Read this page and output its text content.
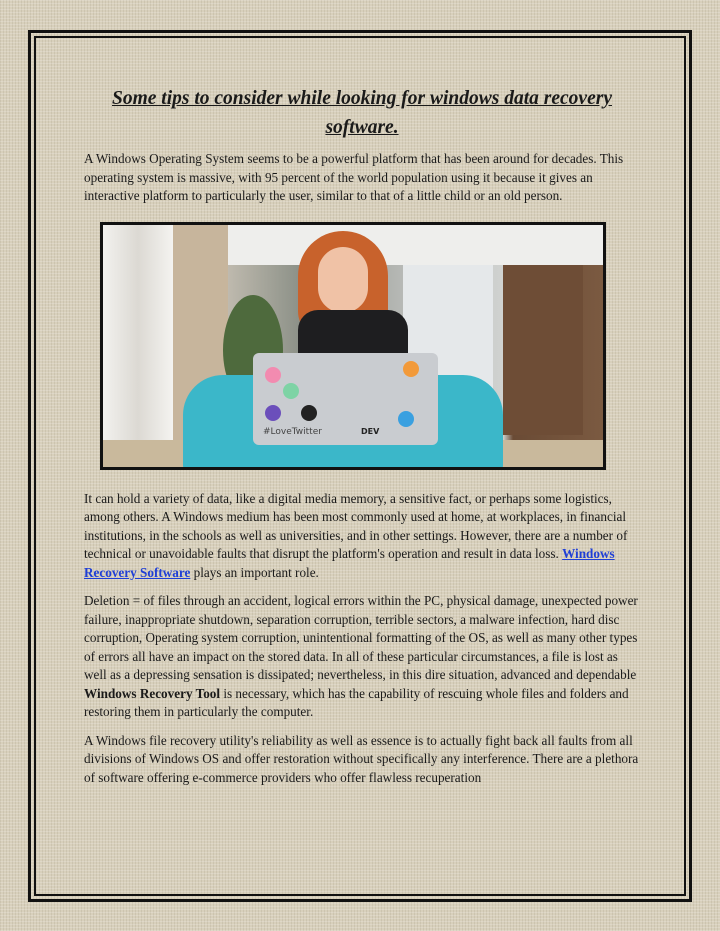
Some tips to consider while looking for windows data recovery software.

A Windows Operating System seems to be a powerful platform that has been around for decades. This operating system is massive, with 95 percent of the world population using it because it gives an interactive platform to particularly the user, similar to that of a little child or an old person.

#LoveTwitter	DEV

It can hold a variety of data, like a digital media memory, a sensitive fact, or perhaps some logistics, among others. A Windows medium has been most commonly used at home, at workplaces, in financial institutions, in the schools as well as universities, and in other settings. However, there are a number of technical or unavoidable faults that disrupt the platform's operation and result in data loss. Windows Recovery Software plays an important role.

Deletion = of files through an accident, logical errors within the PC, physical damage, unexpected power failure, inappropriate shutdown, separation corruption, terrible sectors, a malware infection, hard disc corruption, Operating system corruption, unintentional formatting of the OS, as well as many other types of errors all have an impact on the stored data. In all of these particular circumstances, a file is lost as well as a depressing sensation is dissipated; nevertheless, in this dire situation, advanced and dependable Windows Recovery Tool is necessary, which has the capability of rescuing whole files and folders and restoring them in particularly the computer.

A Windows file recovery utility's reliability as well as essence is to actually fight back all faults from all divisions of Windows OS and offer restoration without specifically any interference. There are a plethora of software offering e-commerce providers who offer flawless recuperation
